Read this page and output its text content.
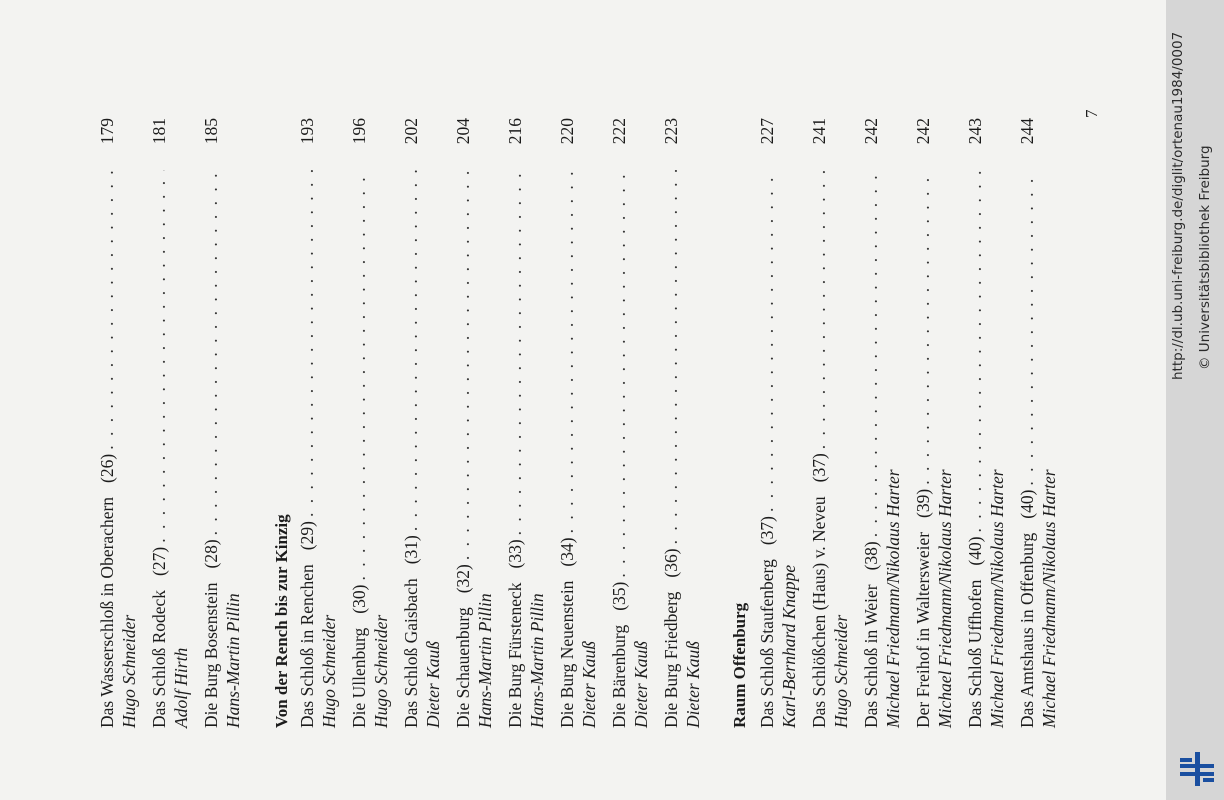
Das Wasserschloß in Oberachern
(26)
. . .
179
Hugo Schneider Das Schloß Rodeck
(27)
. . .
181
Adolf Hirth Die Burg Bosenstein
(28)
. . .
185
Hans-Martin Pillin Von der Rench bis zur Kinzig Das Schloß in Renchen
(29)
. . .
193
Hugo Schneider Die Ullenburg
(30)
. . .
196
Hugo Schneider Das Schloß Gaisbach
(31)
. . .
202
Dieter Kauß Die Schauenburg
(32)
. . .
204
Hans-Martin Pillin Die Burg Fürsteneck
(33)
. . .
216
Hans-Martin Pillin Die Burg Neuenstein
(34)
. . .
220
Dieter Kauß Die Bärenburg
(35)
. . .
222
Dieter Kauß Die Burg Friedberg
(36)
. . .
223
Dieter Kauß Raum Offenburg Das Schloß Staufenberg
(37)
. . .
227
Karl-Bernhard Knappe Das Schlößchen (Haus) v. Neveu
(37)
. . .
241
Hugo Schneider Das Schloß in Weier
(38)
. . .
242
Michael Friedmann/Nikolaus Harter Der Freihof in Waltersweier
(39)
. . .
242
Michael Friedmann/Nikolaus Harter Das Schloß Uffhofen
(40)
. . .
243
Michael Friedmann/Nikolaus Harter Das Amtshaus in Offenburg
(40)
. . .
244
Michael Friedmann/Nikolaus Harter
7	http://dl.ub.uni-freiburg.de/diglit/ortenau1984/0007 © Universitätsbibliothek Freiburg
